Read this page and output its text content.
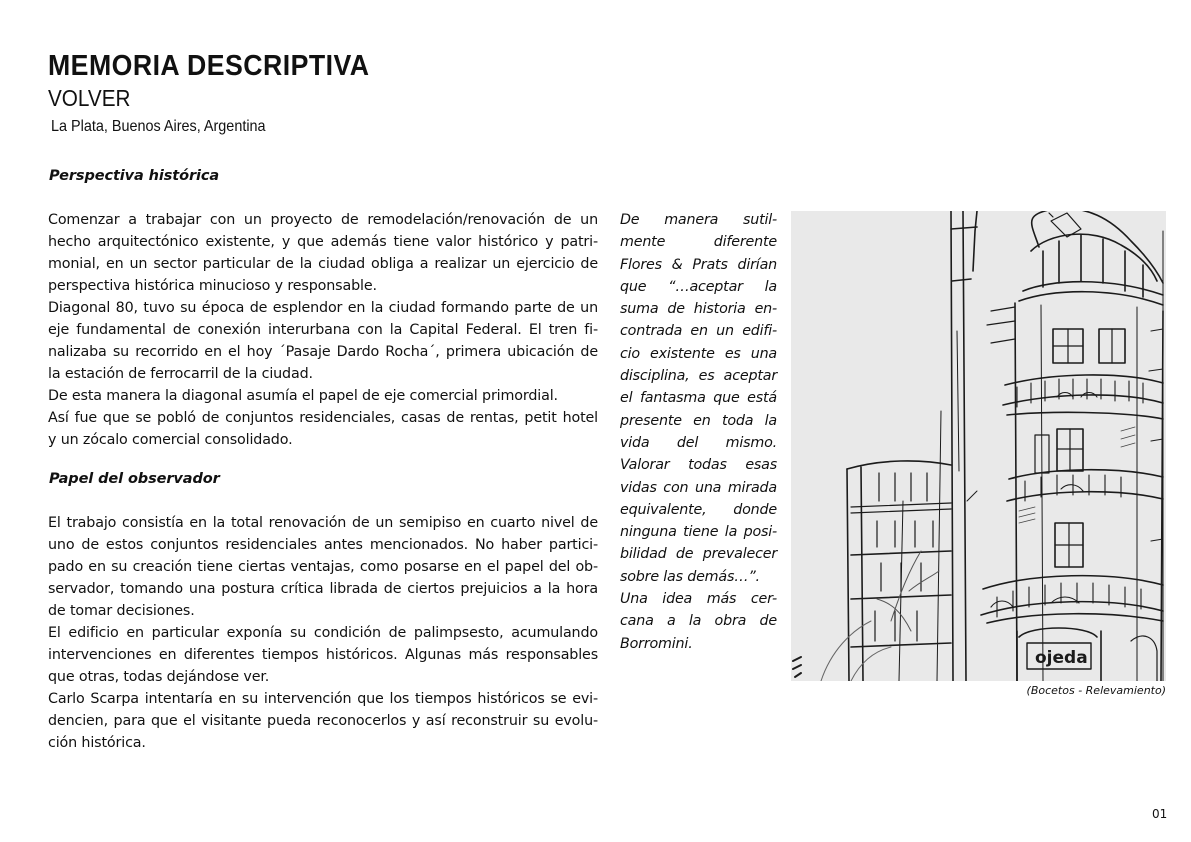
MEMORIA DESCRIPTIVA
VOLVER
La Plata, Buenos Aires, Argentina
Perspectiva histórica
Comenzar a trabajar con un proyecto de remodelación/renovación de un
hecho arquitectónico existente, y que además tiene valor histórico y patri-
monial, en un sector particular de la ciudad obliga a realizar un ejercicio de
perspectiva histórica minucioso y responsable.
Diagonal 80, tuvo su época de esplendor en la ciudad formando parte de un
eje fundamental de conexión interurbana con la Capital Federal. El tren fi-
nalizaba su recorrido en el hoy ´Pasaje Dardo Rocha´, primera ubicación de
la estación de ferrocarril de la ciudad.
De esta manera la diagonal asumía el papel de eje comercial primordial.
Así fue que se pobló de conjuntos residenciales, casas de rentas, petit hotel
y un zócalo comercial consolidado.
Papel del observador
El trabajo consistía en la total renovación de un semipiso en cuarto nivel de
uno de estos conjuntos residenciales antes mencionados. No haber partici-
pado en su creación tiene ciertas ventajas, como posarse en el papel del ob-
servador, tomando una postura crítica librada de ciertos prejuicios a la hora
de tomar decisiones.
El edificio en particular exponía su condición de palimpsesto, acumulando
intervenciones en diferentes tiempos históricos. Algunas más responsables
que otras, todas dejándose ver.
Carlo Scarpa intentaría en su intervención que los tiempos históricos se evi-
dencien, para que el visitante pueda reconocerlos y así reconstruir su evolu-
ción histórica.
De manera sutil-
mente diferente
Flores & Prats dirían
que “…aceptar la
suma de historia en-
contrada en un edifi-
cio existente es una
disciplina, es aceptar
el fantasma que está
presente en toda la
vida del mismo.
Valorar todas esas
vidas con una mirada
equivalente, donde
ninguna tiene la posi-
bilidad de prevalecer
sobre las demás…”.
Una idea más cer-
cana a la obra de
Borromini.
ojeda
(Bocetos - Relevamiento)
01
